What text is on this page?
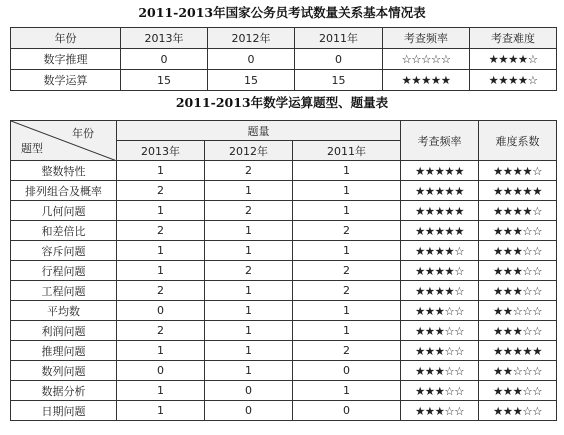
2011-2013年国家公务员考试数量关系基本情况表
年份	2013年	2012年	2011年	考查频率	考查难度
数字推理	0	0	0	☆☆☆☆☆	★★★★☆
数学运算	15	15	15	★★★★★	★★★★☆
2011-2013年数学运算题型、题量表
年份
题型	题量			考查频率	难度系数
	2013年	2012年	2011年		
整数特性	1	2	1	★★★★★	★★★★☆
排列组合及概率	2	1	1	★★★★★	★★★★★
几何问题	1	2	1	★★★★★	★★★★☆
和差倍比	2	1	2	★★★★★	★★★☆☆
容斥问题	1	1	1	★★★★☆	★★★☆☆
行程问题	1	2	2	★★★★☆	★★★☆☆
工程问题	2	1	2	★★★★☆	★★★☆☆
平均数	0	1	1	★★★☆☆	★★☆☆☆
利润问题	2	1	1	★★★☆☆	★★★☆☆
推理问题	1	1	2	★★★☆☆	★★★★★
数列问题	0	1	0	★★★☆☆	★★☆☆☆
数据分析	1	0	1	★★★☆☆	★★★☆☆
日期问题	1	0	0	★★★☆☆	★★★☆☆
